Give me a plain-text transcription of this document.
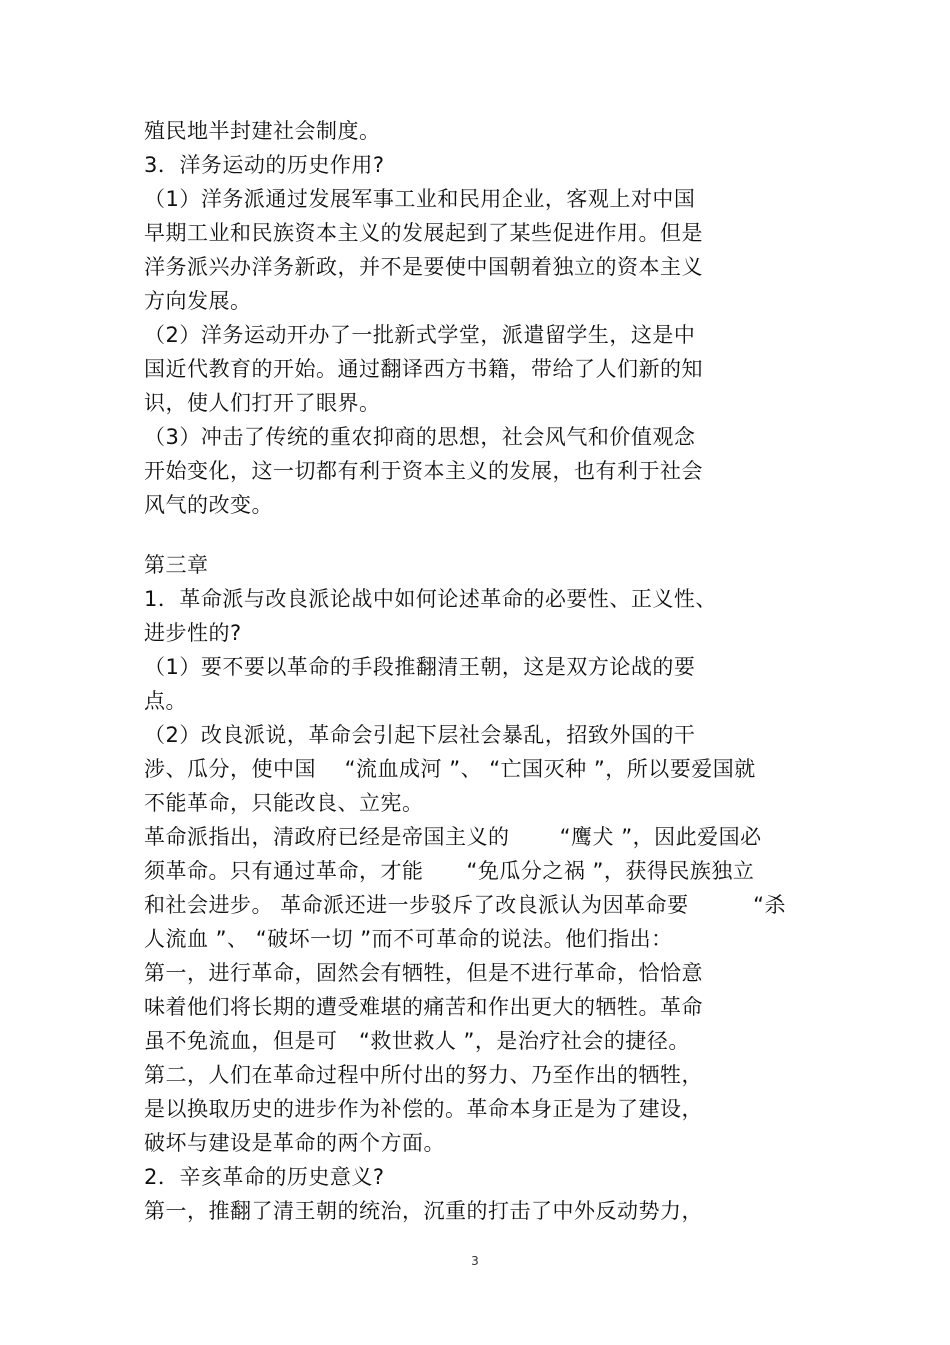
殖民地半封建社会制度。
3．洋务运动的历史作用?
（1）洋务派通过发展军事工业和民用企业，客观上对中国
早期工业和民族资本主义的发展起到了某些促进作用。但是
洋务派兴办洋务新政，并不是要使中国朝着独立的资本主义
方向发展。
（2）洋务运动开办了一批新式学堂，派遣留学生，这是中
国近代教育的开始。通过翻译西方书籍，带给了人们新的知
识，使人们打开了眼界。
（3）冲击了传统的重农抑商的思想，社会风气和价值观念
开始变化，这一切都有利于资本主义的发展，也有利于社会
风气的改变。
第三章
1．革命派与改良派论战中如何论述革命的必要性、正义性、
进步性的?
（1）要不要以革命的手段推翻清王朝，这是双方论战的要
点。
（2）改良派说，革命会引起下层社会暴乱，招致外国的干
涉、瓜分，使中国　 “流血成河 ”、 “亡国灭种 ”，所以要爱国就
不能革命，只能改良、立宪。
革命派指出，清政府已经是帝国主义的　　 “鹰犬 ”，因此爱国必
须革命。只有通过革命，才能　　“免瓜分之祸 ”，获得民族独立
和社会进步。 革命派还进一步驳斥了改良派认为因革命要　　　“杀
人流血 ”、 “破坏一切 ”而不可革命的说法。他们指出：
第一，进行革命，固然会有牺牲，但是不进行革命，恰恰意
味着他们将长期的遭受难堪的痛苦和作出更大的牺牲。革命
虽不免流血，但是可　“救世救人 ”，是治疗社会的捷径。
第二，人们在革命过程中所付出的努力、乃至作出的牺牲，
是以换取历史的进步作为补偿的。革命本身正是为了建设，
破坏与建设是革命的两个方面。
2．辛亥革命的历史意义?
第一，推翻了清王朝的统治，沉重的打击了中外反动势力，
3
